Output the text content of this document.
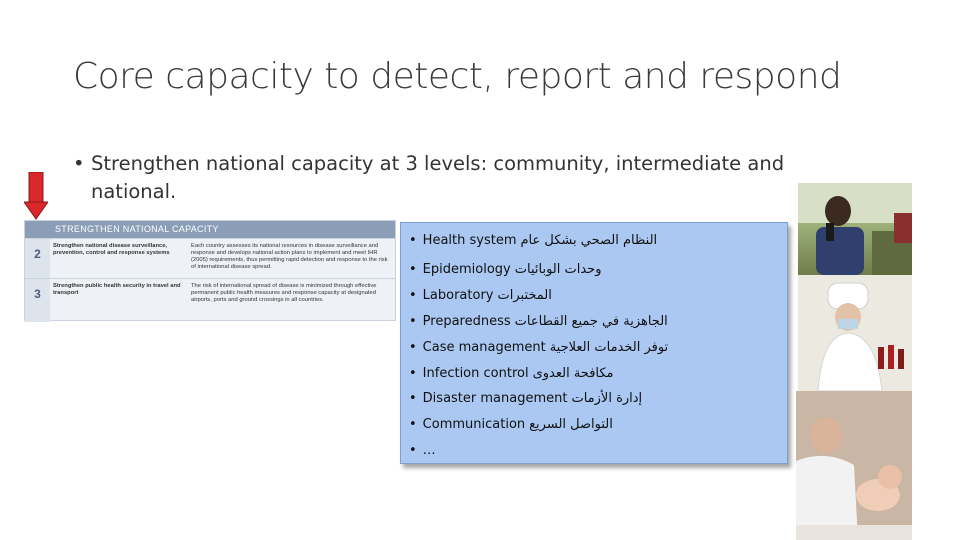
Core capacity to detect, report and respond
• Strengthen national capacity at 3 levels: community, intermediate and national.
STRENGTHEN NATIONAL CAPACITY
2
Strengthen national disease surveillance, prevention, control and response systems
Each country assesses its national resources in disease surveillance and response and develops national action plans to implement and meet IHR (2005) requirements, thus permitting rapid detection and response to the risk of international disease spread.
3
Strengthen public health security in travel and transport
The risk of international spread of disease is minimized through effective permanent public health measures and response capacity at designated airports, ports and ground crossings in all countries.
• Health system النظام الصحي بشكل عام
• Epidemiology وحدات الوبائيات
• Laboratory المختبرات
• Preparedness الجاهزية في جميع القطاعات
• Case management توفر الخدمات العلاجية
• Infection control مكافحة العدوى
• Disaster management إدارة الأزمات
• Communication التواصل السريع
• …
